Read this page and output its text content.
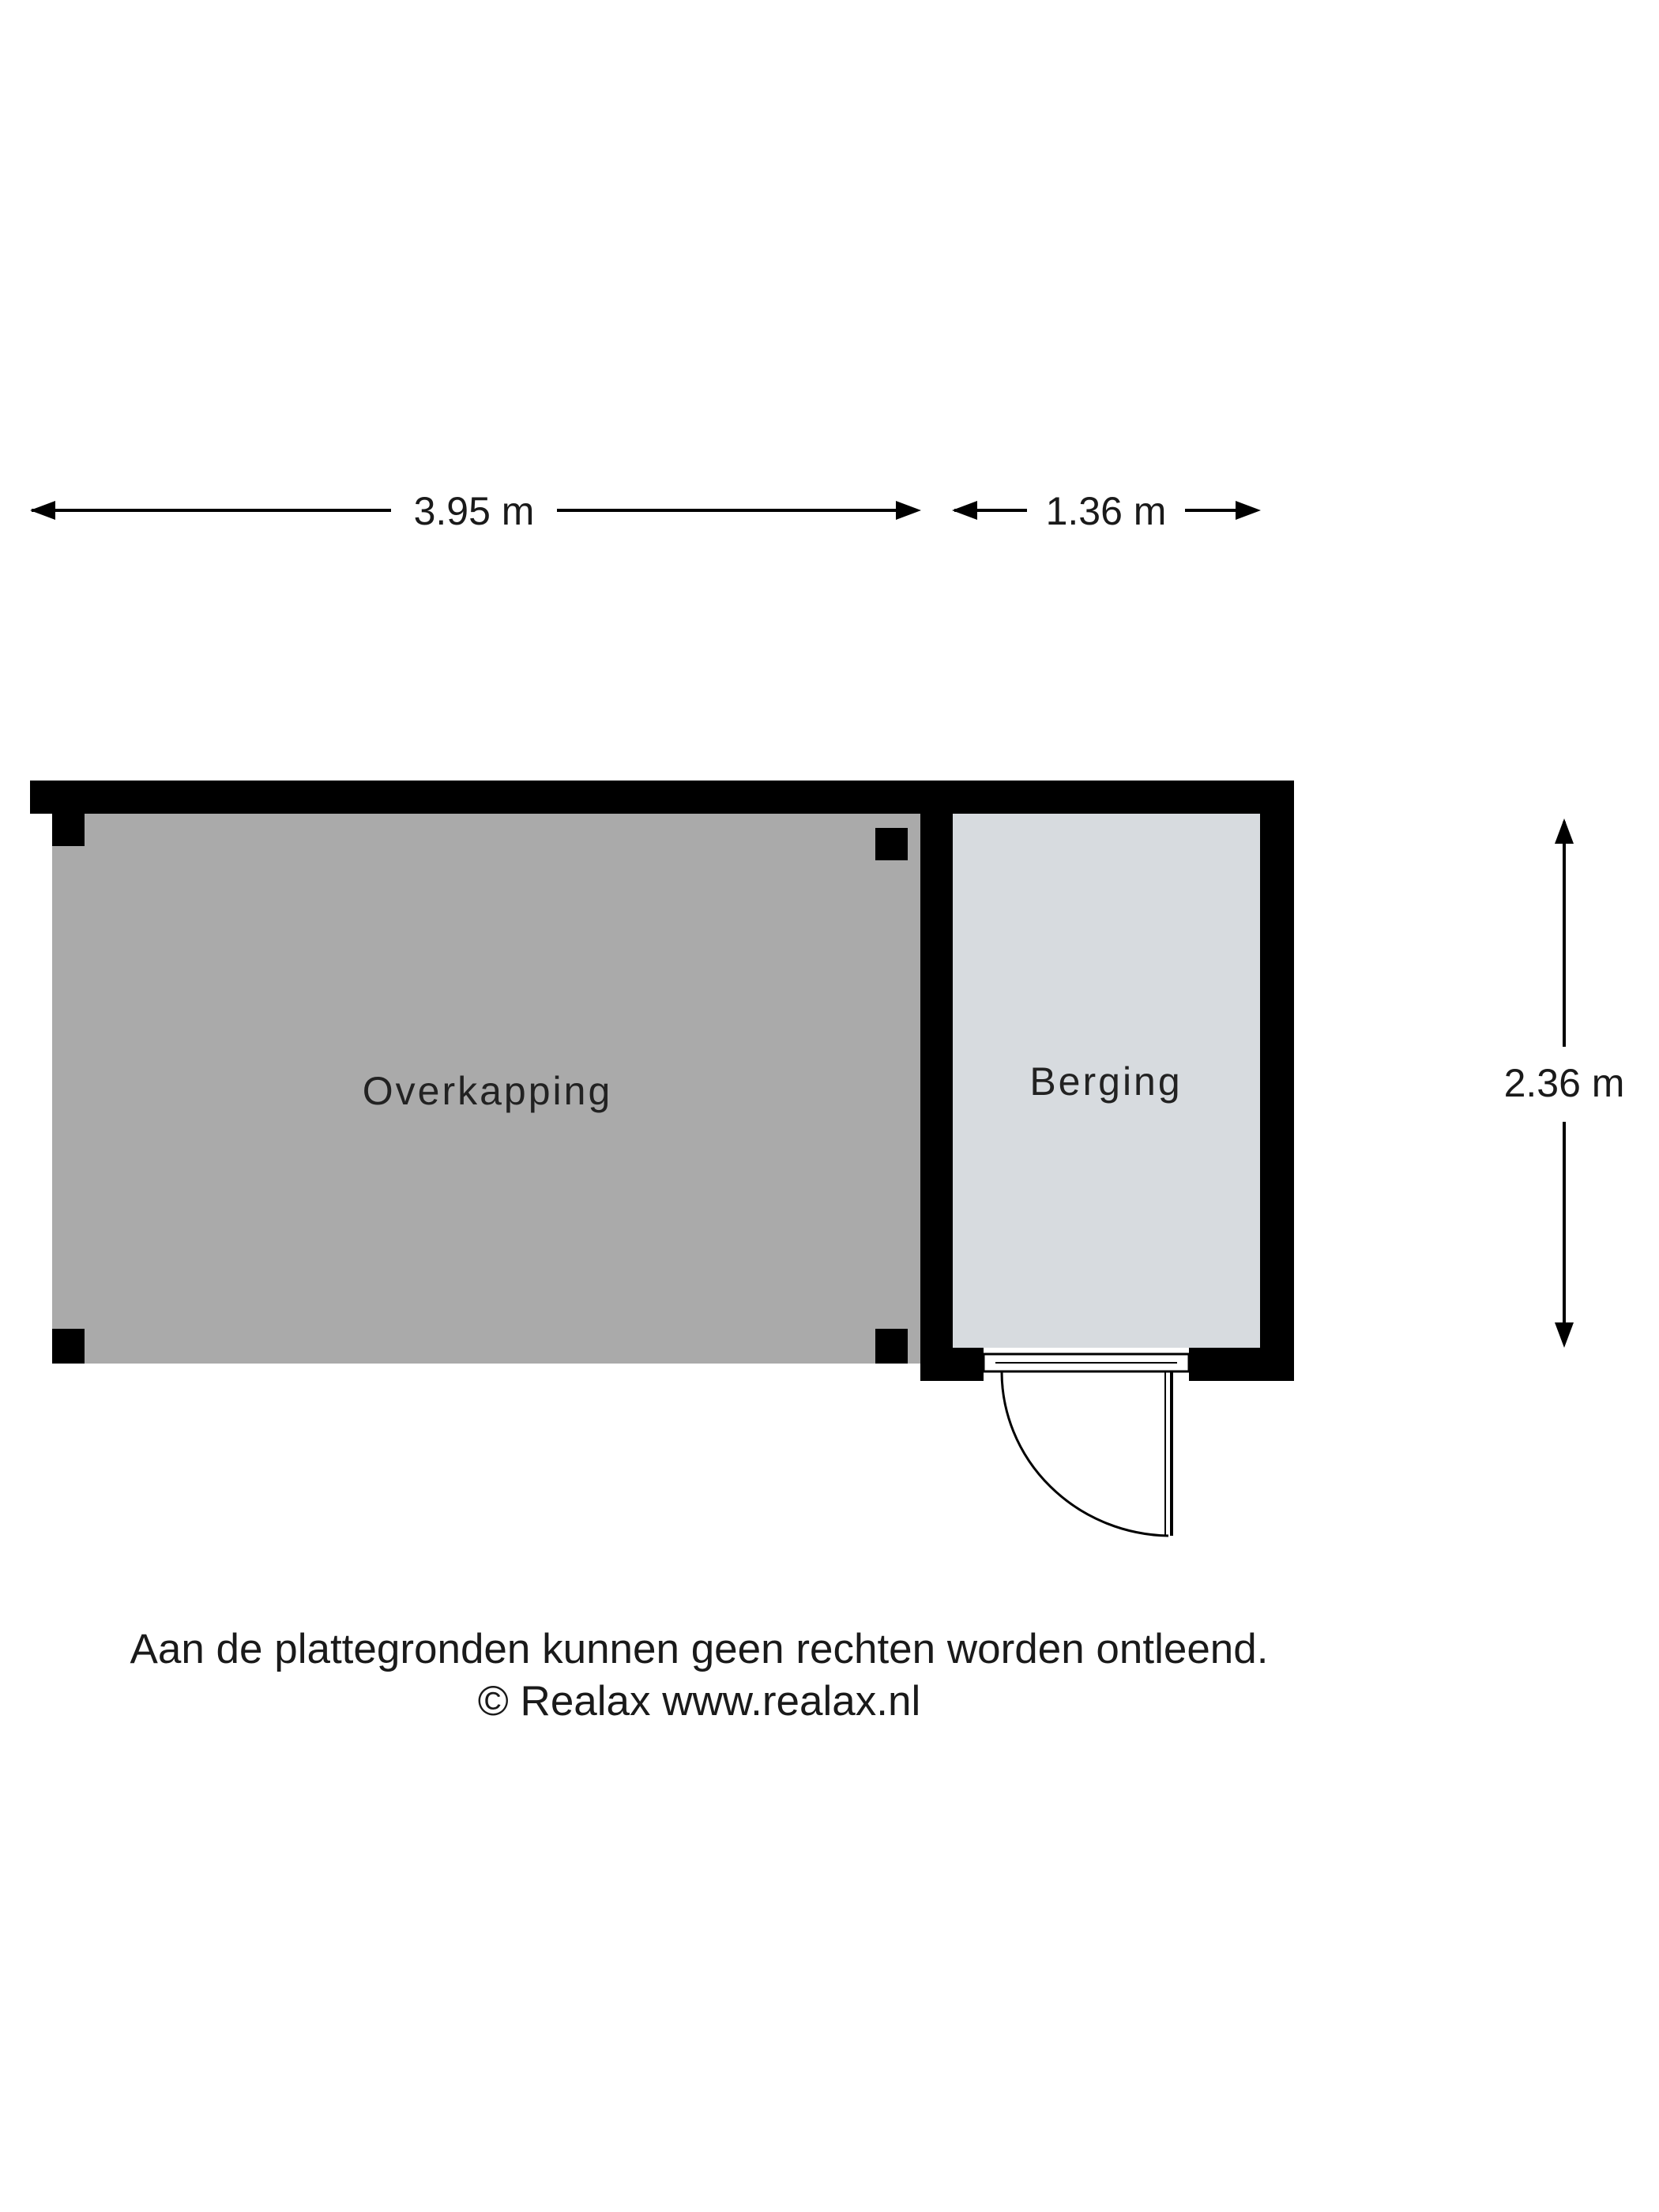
3.95 m	1.36 m
2.36 m
Overkapping	Berging
Aan de plattegronden kunnen geen rechten worden ontleend.
© Realax www.realax.nl
